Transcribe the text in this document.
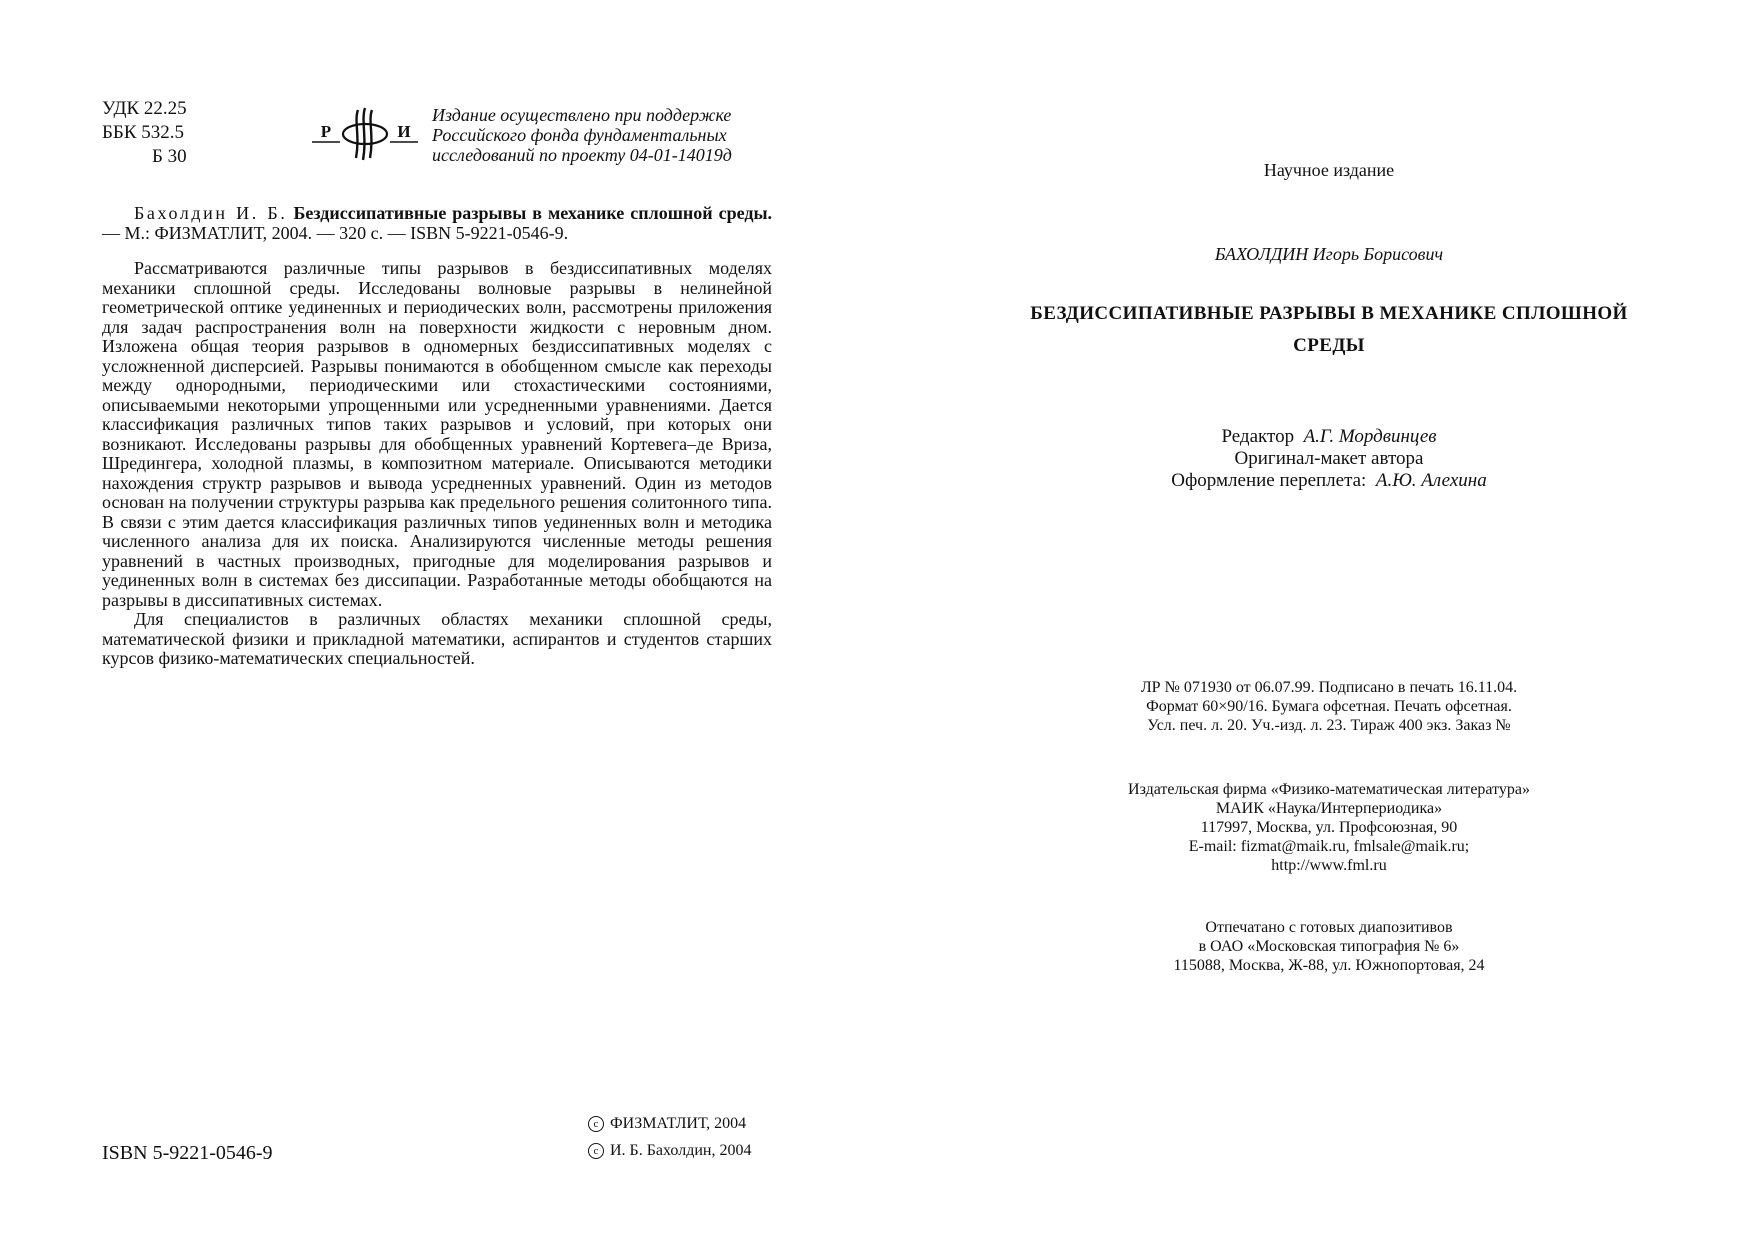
УДК 22.25
ББК 532.5
Б 30
Р	И
Издание осуществлено при поддержке
Российского фонда фундаментальных
исследований по проекту 04-01-14019д
Бахолдин И. Б. Бездиссипативные разрывы в механике сплошной среды. — М.: ФИЗМАТЛИТ, 2004. — 320 с. — ISBN 5-9221-0546-9.

Рассматриваются различные типы разрывов в бездиссипативных моделях механики сплошной среды. Исследованы волновые разрывы в нелинейной геометрической оптике уединенных и периодических волн, рассмотрены приложения для задач распространения волн на поверхности жидкости с неровным дном. Изложена общая теория разрывов в одномерных бездиссипативных моделях с усложненной дисперсией. Разрывы понимаются в обобщенном смысле как переходы между однородными, периодическими или стохастическими состояниями, описываемыми некоторыми упрощенными или усредненными уравнениями. Дается классификация различных типов таких разрывов и условий, при которых они возникают. Исследованы разрывы для обобщенных уравнений Кортевега–де Вриза, Шредингера, холодной плазмы, в композитном материале. Описываются методики нахождения структр разрывов и вывода усредненных уравнений. Один из методов основан на получении структуры разрыва как предельного решения солитонного типа. В связи с этим дается классификация различных типов уединенных волн и методика численного анализа для их поиска. Анализируются численные методы решения уравнений в частных производных, пригодные для моделирования разрывов и уединенных волн в системах без диссипации. Разработанные методы обобщаются на разрывы в диссипативных системах.

Для специалистов в различных областях механики сплошной среды, математической физики и прикладной математики, аспирантов и студентов старших курсов физико-математических специальностей.

ISBN 5-9221-0546-9
c ФИЗМАТЛИТ, 2004
c И. Б. Бахолдин, 2004
Научное издание
БАХОЛДИН Игорь Борисович
БЕЗДИССИПАТИВНЫЕ РАЗРЫВЫ В МЕХАНИКЕ СПЛОШНОЙ
СРЕДЫ
Редактор А.Г. Мордвинцев
Оригинал-макет автора
Оформление переплета: А.Ю. Алехина
ЛР № 071930 от 06.07.99. Подписано в печать 16.11.04.
Формат 60×90/16. Бумага офсетная. Печать офсетная.
Усл. печ. л. 20. Уч.-изд. л. 23. Тираж 400 экз. Заказ №
Издательская фирма «Физико-математическая литература»
МАИК «Наука/Интерпериодика»
117997, Москва, ул. Профсоюзная, 90
E-mail: fizmat@maik.ru, fmlsale@maik.ru;
http://www.fml.ru
Отпечатано с готовых диапозитивов
в ОАО «Московская типография № 6»
115088, Москва, Ж-88, ул. Южнопортовая, 24
